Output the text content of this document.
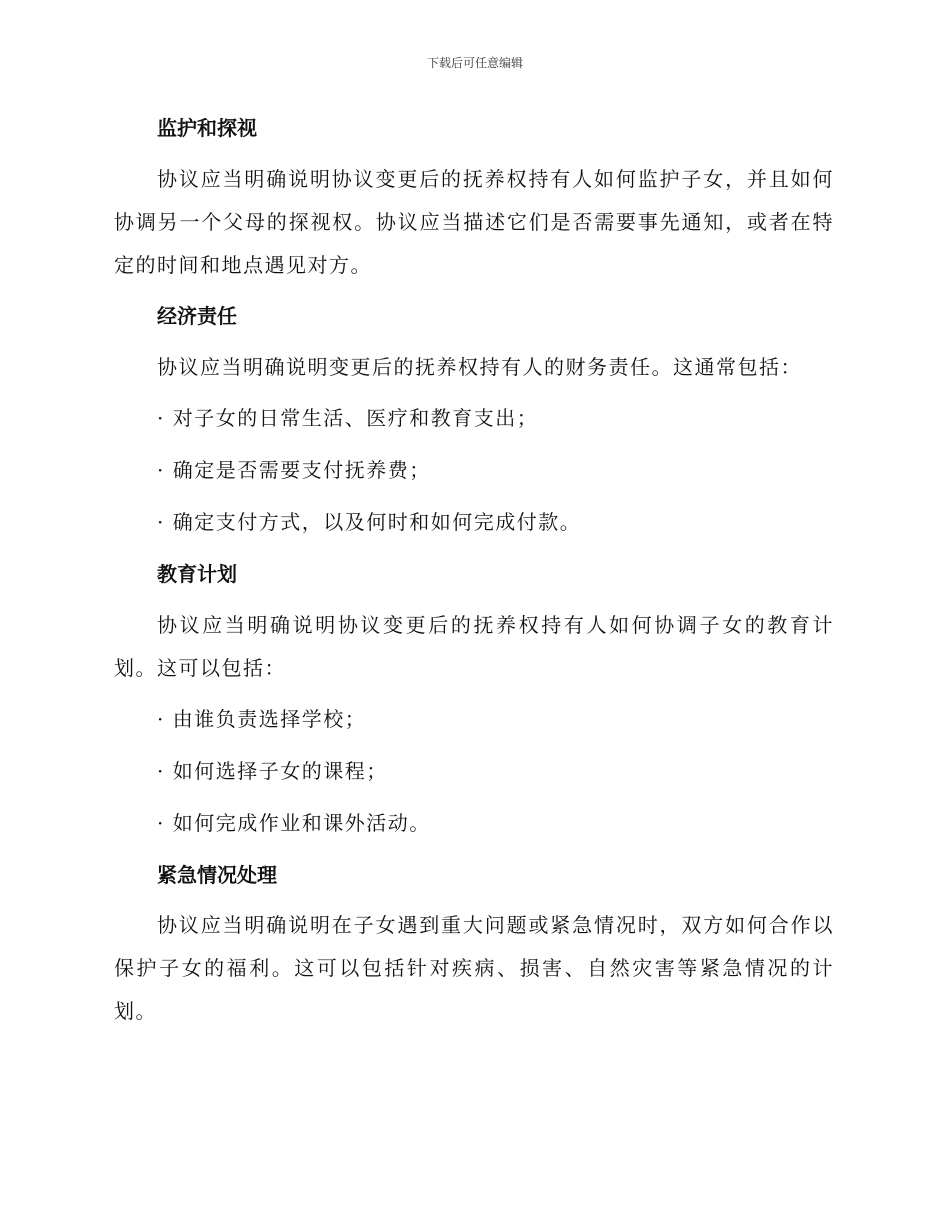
下载后可任意编辑
监护和探视
协议应当明确说明协议变更后的抚养权持有人如何监护子女，并且如何协调另一个父母的探视权。协议应当描述它们是否需要事先通知，或者在特定的时间和地点遇见对方。
经济责任
协议应当明确说明变更后的抚养权持有人的财务责任。这通常包括：
· 对子女的日常生活、医疗和教育支出；
· 确定是否需要支付抚养费；
· 确定支付方式，以及何时和如何完成付款。
教育计划
协议应当明确说明协议变更后的抚养权持有人如何协调子女的教育计划。这可以包括：
· 由谁负责选择学校；
· 如何选择子女的课程；
· 如何完成作业和课外活动。
紧急情况处理
协议应当明确说明在子女遇到重大问题或紧急情况时，双方如何合作以保护子女的福利。这可以包括针对疾病、损害、自然灾害等紧急情况的计划。
